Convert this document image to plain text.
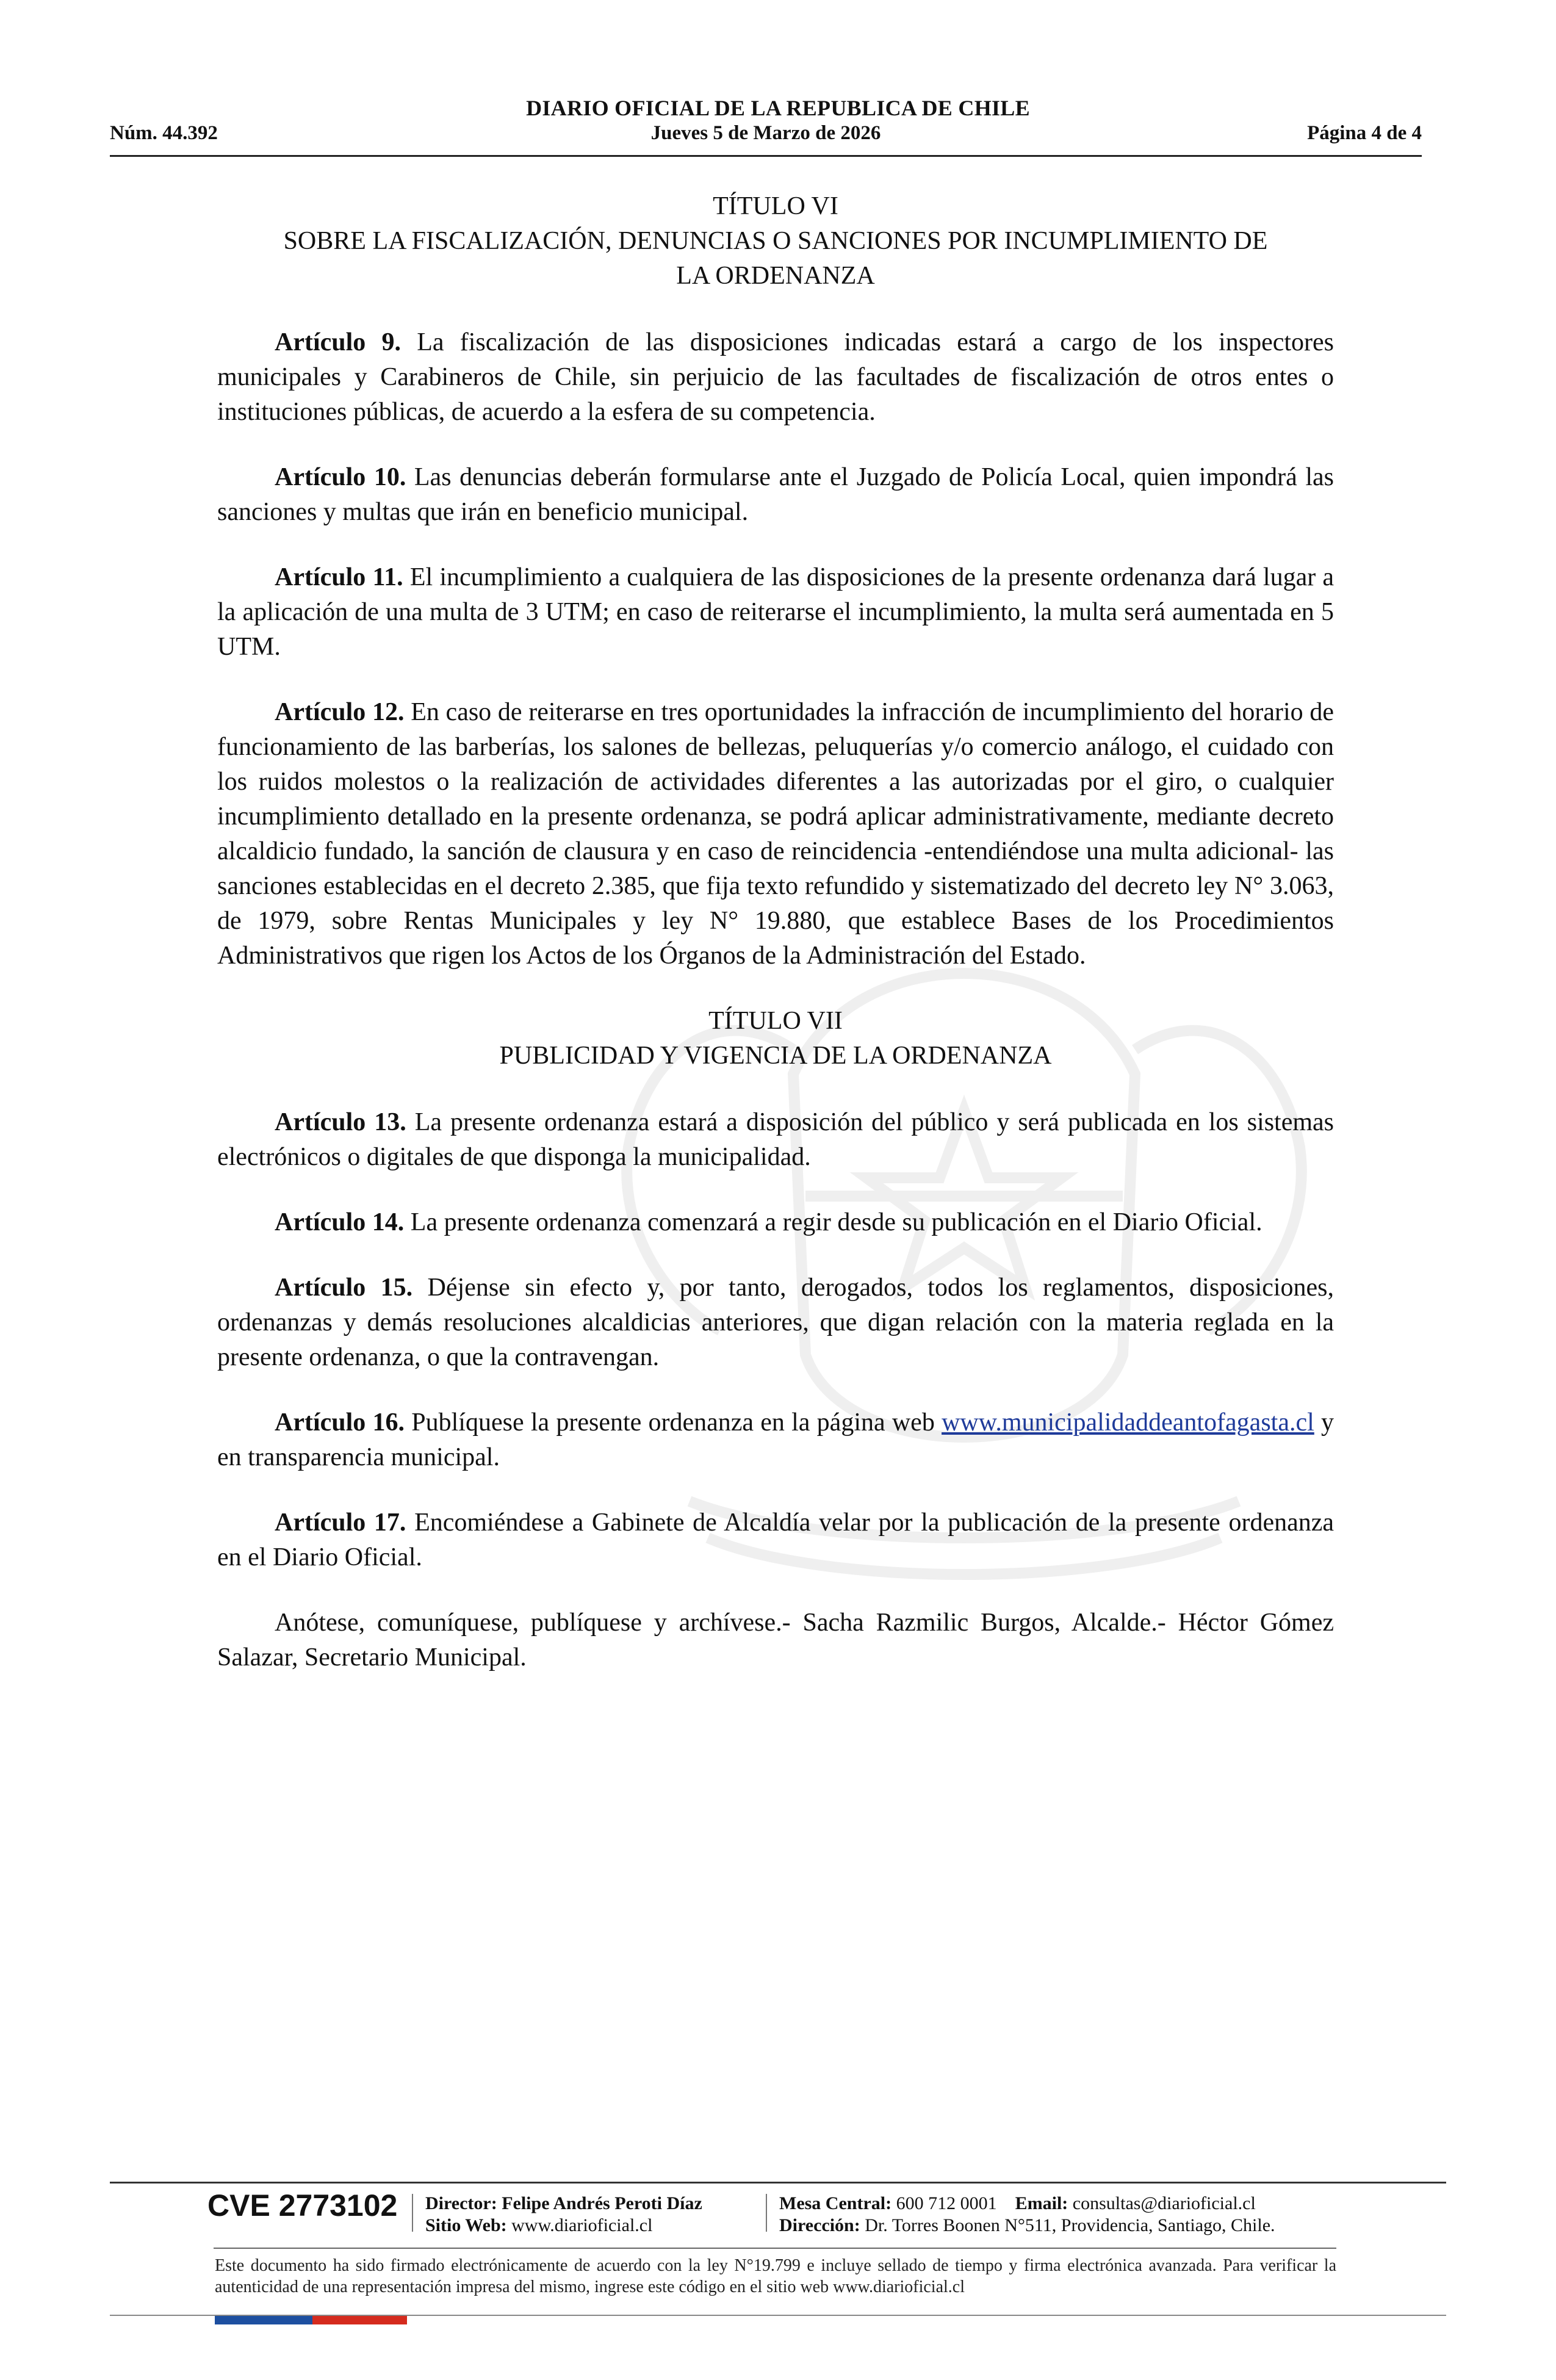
DIARIO OFICIAL DE LA REPUBLICA DE CHILE
Núm. 44.392	Jueves 5 de Marzo de 2026	Página 4 de 4
TÍTULO VI
SOBRE LA FISCALIZACIÓN, DENUNCIAS O SANCIONES POR INCUMPLIMIENTO DE
LA ORDENANZA

Artículo 9. La fiscalización de las disposiciones indicadas estará a cargo de los inspectores municipales y Carabineros de Chile, sin perjuicio de las facultades de fiscalización de otros entes o instituciones públicas, de acuerdo a la esfera de su competencia.

Artículo 10. Las denuncias deberán formularse ante el Juzgado de Policía Local, quien impondrá las sanciones y multas que irán en beneficio municipal.

Artículo 11. El incumplimiento a cualquiera de las disposiciones de la presente ordenanza dará lugar a la aplicación de una multa de 3 UTM; en caso de reiterarse el incumplimiento, la multa será aumentada en 5 UTM.

Artículo 12. En caso de reiterarse en tres oportunidades la infracción de incumplimiento del horario de funcionamiento de las barberías, los salones de bellezas, peluquerías y/o comercio análogo, el cuidado con los ruidos molestos o la realización de actividades diferentes a las autorizadas por el giro, o cualquier incumplimiento detallado en la presente ordenanza, se podrá aplicar administrativamente, mediante decreto alcaldicio fundado, la sanción de clausura y en caso de reincidencia -entendiéndose una multa adicional- las sanciones establecidas en el decreto 2.385, que fija texto refundido y sistematizado del decreto ley N° 3.063, de 1979, sobre Rentas Municipales y ley N° 19.880, que establece Bases de los Procedimientos Administrativos que rigen los Actos de los Órganos de la Administración del Estado.

TÍTULO VII
PUBLICIDAD Y VIGENCIA DE LA ORDENANZA

Artículo 13. La presente ordenanza estará a disposición del público y será publicada en los sistemas electrónicos o digitales de que disponga la municipalidad.

Artículo 14. La presente ordenanza comenzará a regir desde su publicación en el Diario Oficial.

Artículo 15. Déjense sin efecto y, por tanto, derogados, todos los reglamentos, disposiciones, ordenanzas y demás resoluciones alcaldicias anteriores, que digan relación con la materia reglada en la presente ordenanza, o que la contravengan.

Artículo 16. Publíquese la presente ordenanza en la página web www.municipalidaddeantofagasta.cl y en transparencia municipal.

Artículo 17. Encomiéndese a Gabinete de Alcaldía velar por la publicación de la presente ordenanza en el Diario Oficial.

Anótese, comuníquese, publíquese y archívese.- Sacha Razmilic Burgos, Alcalde.- Héctor Gómez Salazar, Secretario Municipal.

CVE 2773102 Director: Felipe Andrés Peroti Díaz
Sitio Web: www.diarioficial.cl
Mesa Central: 600 712 0001 Email: consultas@diarioficial.cl
Dirección: Dr. Torres Boonen N°511, Providencia, Santiago, Chile.
Este documento ha sido firmado electrónicamente de acuerdo con la ley N°19.799 e incluye sellado de tiempo y firma electrónica avanzada. Para verificar la autenticidad de una representación impresa del mismo, ingrese este código en el sitio web www.diarioficial.cl
